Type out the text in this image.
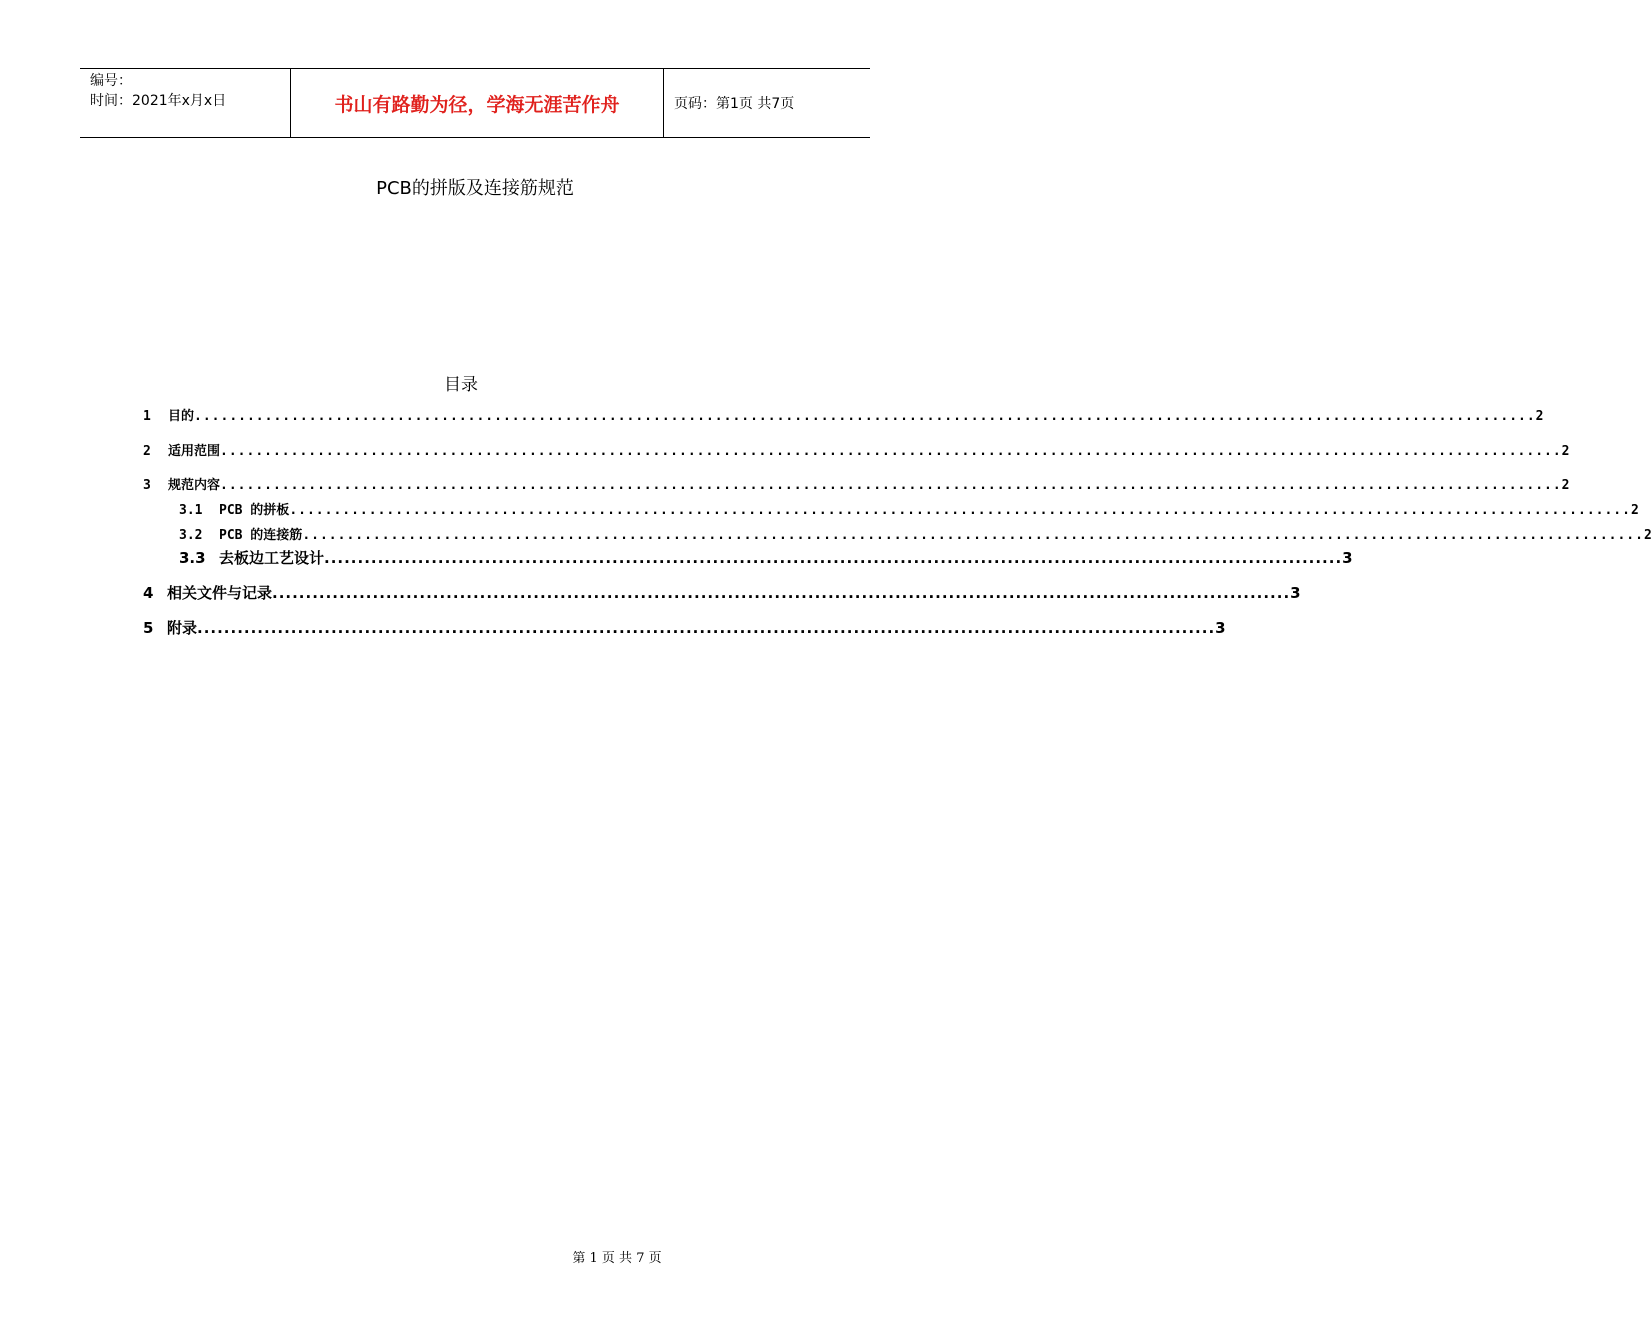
编号：
时间：2021年x月x日	书山有路勤为径，学海无涯苦作舟	页码：第1页 共7页
PCB的拼版及连接筋规范
目录
1	目的 ........................................................................................................................................................ 2
2	适用范围 ........................................................................................................................................................ 2
3	规范内容 ........................................................................................................................................................ 2
3.1	PCB 的拼板 ........................................................................................................................................................ 2
3.2	PCB 的连接筋 ........................................................................................................................................................ 2
3.3 去板边工艺设计 ........................................................................................................................................................ 3
4 相关文件与记录 ........................................................................................................................................................ 3
5 附录 ........................................................................................................................................................ 3
第 1 页 共 7 页
